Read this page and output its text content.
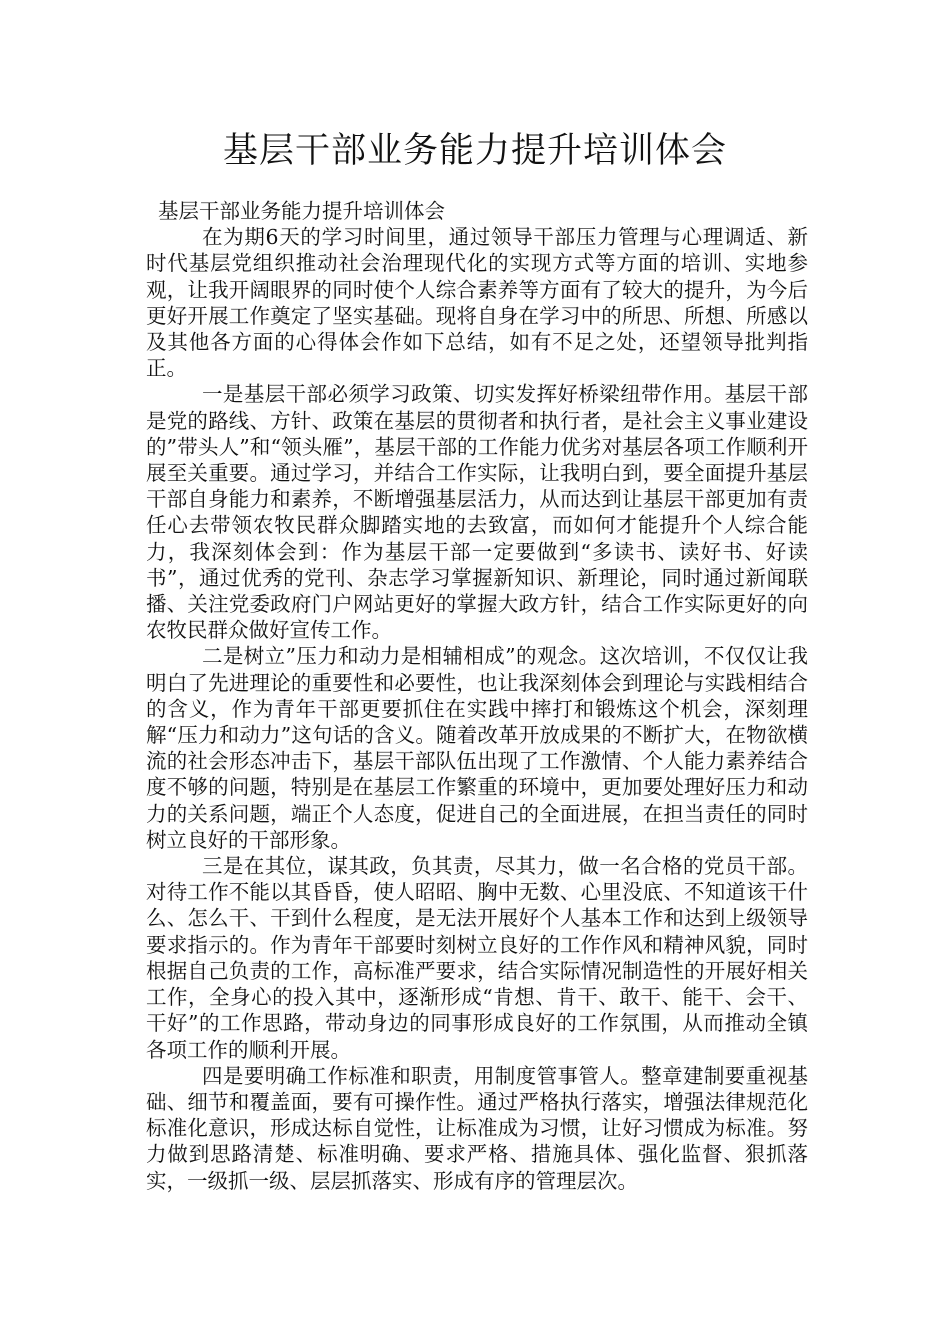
基层干部业务能力提升培训体会

基层干部业务能力提升培训体会

在为期6天的学习时间里，通过领导干部压力管理与心理调适、新时代基层党组织推动社会治理现代化的实现方式等方面的培训、实地参观，让我开阔眼界的同时使个人综合素养等方面有了较大的提升，为今后更好开展工作奠定了坚实基础。现将自身在学习中的所思、所想、所感以及其他各方面的心得体会作如下总结，如有不足之处，还望领导批判指正。

一是基层干部必须学习政策、切实发挥好桥梁纽带作用。基层干部是党的路线、方针、政策在基层的贯彻者和执行者，是社会主义事业建设的”带头人”和“领头雁”，基层干部的工作能力优劣对基层各项工作顺利开展至关重要。通过学习，并结合工作实际，让我明白到，要全面提升基层干部自身能力和素养，不断增强基层活力，从而达到让基层干部更加有责任心去带领农牧民群众脚踏实地的去致富，而如何才能提升个人综合能力，我深刻体会到：作为基层干部一定要做到“多读书、读好书、好读书”，通过优秀的党刊、杂志学习掌握新知识、新理论，同时通过新闻联播、关注党委政府门户网站更好的掌握大政方针，结合工作实际更好的向农牧民群众做好宣传工作。

二是树立”压力和动力是相辅相成”的观念。这次培训，不仅仅让我明白了先进理论的重要性和必要性，也让我深刻体会到理论与实践相结合的含义，作为青年干部更要抓住在实践中摔打和锻炼这个机会，深刻理解“压力和动力”这句话的含义。随着改革开放成果的不断扩大，在物欲横流的社会形态冲击下，基层干部队伍出现了工作激情、个人能力素养结合度不够的问题，特别是在基层工作繁重的环境中，更加要处理好压力和动力的关系问题，端正个人态度，促进自己的全面进展，在担当责任的同时树立良好的干部形象。

三是在其位，谋其政，负其责，尽其力，做一名合格的党员干部。对待工作不能以其昏昏，使人昭昭、胸中无数、心里没底、不知道该干什么、怎么干、干到什么程度，是无法开展好个人基本工作和达到上级领导要求指示的。作为青年干部要时刻树立良好的工作作风和精神风貌，同时根据自己负责的工作，高标准严要求，结合实际情况制造性的开展好相关工作，全身心的投入其中，逐渐形成“肯想、肯干、敢干、能干、会干、干好”的工作思路，带动身边的同事形成良好的工作氛围，从而推动全镇各项工作的顺利开展。

四是要明确工作标准和职责，用制度管事管人。整章建制要重视基础、细节和覆盖面，要有可操作性。通过严格执行落实，增强法律规范化标准化意识，形成达标自觉性，让标准成为习惯，让好习惯成为标准。努力做到思路清楚、标准明确、要求严格、措施具体、强化监督、狠抓落实，一级抓一级、层层抓落实、形成有序的管理层次。
